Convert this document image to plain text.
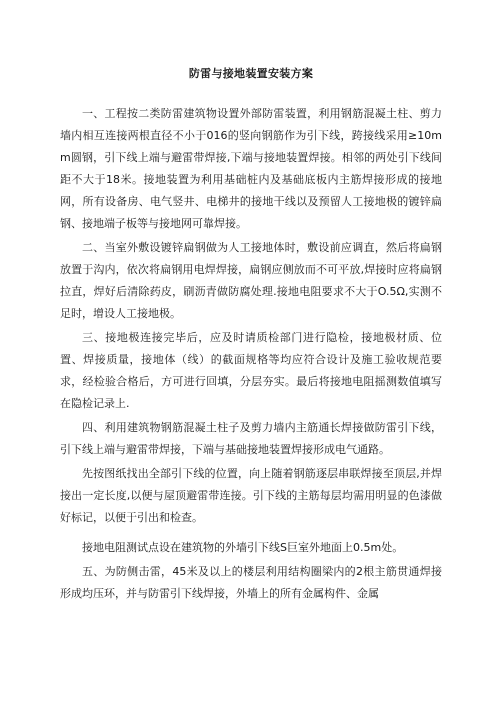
防雷与接地装置安装方案

一、工程按二类防雷建筑物设置外部防雷装置，利用钢筋混凝土柱、剪力墙内相互连接两根直径不小于016的竖向钢筋作为引下线，跨接线采用≥10mm圆钢，引下线上端与避雷带焊接,下端与接地装置焊接。相邻的两处引下线间距不大于18米。接地装置为利用基础桩内及基础底板内主筋焊接形成的接地网，所有设备房、电气竖井、电梯井的接地干线以及预留人工接地极的镀锌扁钢、接地端子板等与接地网可靠焊接。

二、当室外敷设镀锌扁钢做为人工接地体时，敷设前应调直，然后将扁钢放置于沟内，依次将扁钢用电焊焊接，扁钢应侧放而不可平放,焊接时应将扁钢拉直，焊好后清除药皮，刷沥青做防腐处理.接地电阻要求不大于O.5Ω,实测不足时，增设人工接地极。

三、接地极连接完毕后，应及时请质检部门进行隐检，接地极材质、位置、焊接质量，接地体（线）的截面规格等均应符合设计及施工验收规范要求，经检验合格后，方可进行回填，分层夯实。最后将接地电阻摇测数值填写在隐检记录上.

四、利用建筑物钢筋混凝土柱子及剪力墙内主筋通长焊接做防雷引下线，引下线上端与避雷带焊接，下端与基础接地装置焊接形成电气通路。

先按图纸找出全部引下线的位置，向上随着钢筋逐层串联焊接至顶层,并焊接出一定长度,以便与屋顶避雷带连接。引下线的主筋每层均需用明显的色漆做好标记，以便于引出和检查。

接地电阻测试点设在建筑物的外墙引下线S巨室外地面上0.5m处。

五、为防侧击雷，45米及以上的楼层利用结构圈梁内的2根主筋贯通焊接形成均压环，并与防雷引下线焊接，外墙上的所有金属构件、金属
